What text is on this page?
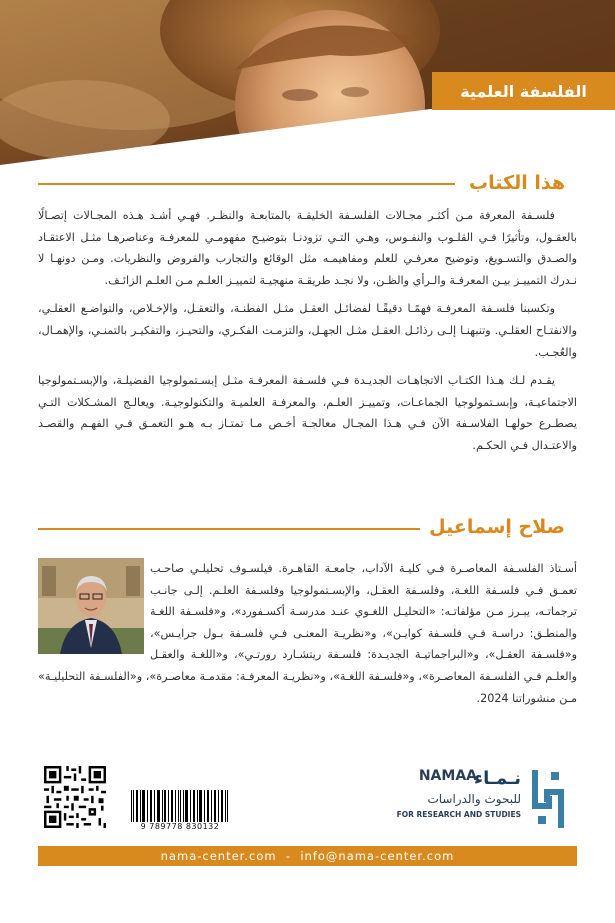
الفلسفة العلمية
هذا الكتاب

فلسـفة المعرفة مـن أكثـر مجـالات الفلسـفة الخليقـة بالمتابعـة والنظـر. فهـي أشـد هـذه المجـالات إتصـالًا بالعقـول، وتأثيرًا فـي القلـوب والنفـوس، وهـي التـي تزودنـا بتوضيـح مفهومـي للمعرفـة وعناصرهـا مثـل الاعتقـاد والصـدق والتسـويغ، وتوضيح معرفـي للعلم ومفاهيمـه مثل الوقائع والتجارب والفروض والنظريات. ومـن دونهـا لا نـدرك التمييـز بيـن المعرفـة والـرأي والظـن، ولا نجـد طريقـة منهجيـة لتمييـز العلـم مـن العلـم الزائـف.

وتكسبنا فلسـفة المعرفـة فهمًـا دقيقًـا لفضائـل العقـل مثـل الفطنـة، والتعقـل، والإخـلاص، والتواضـع العقلـي، والانفتـاح العقلـي. وتنبهنـا إلـى رذائـل العقـل مثـل الجهـل، والتزمـت الفكـري، والتحيـز، والتفكيـر بالتمنـي، والإهمـال، والعُجـب.

يقـدم لـك هـذا الكتـاب الاتجاهـات الجديـدة فـي فلسـفة المعرفـة مثـل إبسـتمولوجيا الفضيلـة، والإبسـتمولوجيا الاجتماعيـة، وإبسـتمولوجيا الجماعـات، وتمييـز العلـم، والمعرفـة العلميـة والتكنولوجيـة. ويعالـج المشـكلات التـي يصطـرع حولهـا الفلاسـفة الآن فـي هـذا المجـال معالجـة أخـص مـا تمتـاز بـه هـو التعمـق فـي الفهـم والقصـد والاعتـدال فـي الحكـم.

صلاح إسماعيل
أسـتاذ الفلسـفة المعاصـرة فـي كليـة الآداب، جامعـة القاهـرة. فيلسـوف تحليلـي صاحـب تعمـق فـي فلسـفة اللغـة، وفلسـفة العقـل، والإبسـتمولوجيا وفلسـفة العلـم. إلـى جانـب ترجماتـه، يبـرز مـن مؤلفاتـه: «التحليـل اللغـوي عنـد مدرسـة أكسـفورد»، و«فلسـفة اللغـة والمنطـق: دراسـة فـي فلسـفة كوايـن»، و«نظريـة المعنـى فـي فلسـفة بـول جرايـس»، و«فلسـفة العقـل»، و«البراجماتيـة الجديـدة: فلسـفة ريتشـارد رورتـي»، و«اللغـة والعقـل والعلـم فـي الفلسـفة المعاصـرة»، و«فلسـفة اللغـة»، و«نظريـة المعرفـة: مقدمـة معاصـرة»، و«الفلسـفة التحليليـة» مـن منشوراتنا 2024.
9 789778 830132
نـمـاء
NAMAA
للبحوث والدراسات
FOR RESEARCH AND STUDIES
nama-center.com  -  info@nama-center.com
